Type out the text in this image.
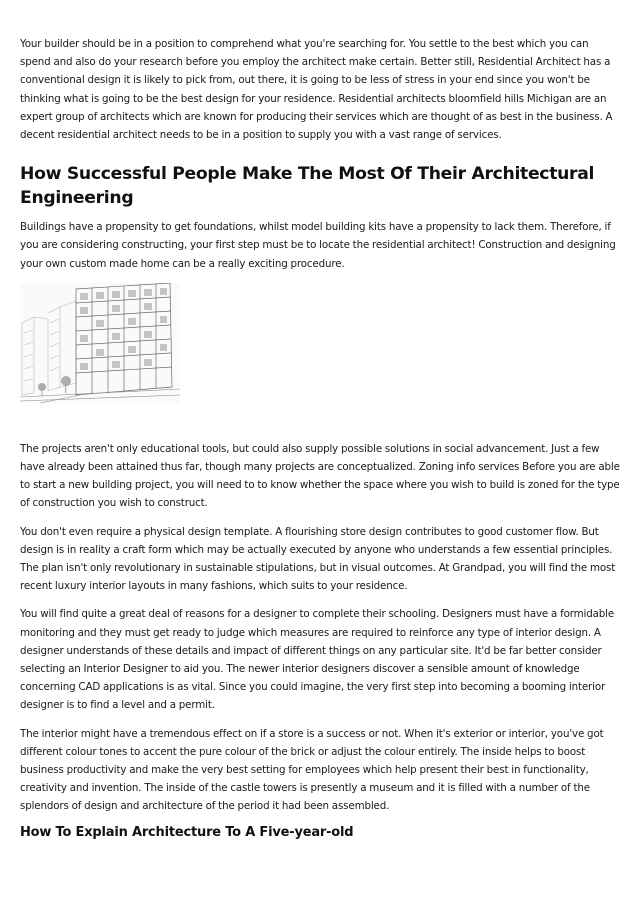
Your builder should be in a position to comprehend what you're searching for. You settle to the best which you can spend and also do your research before you employ the architect make certain. Better still, Residential Architect has a conventional design it is likely to pick from, out there, it is going to be less of stress in your end since you won't be thinking what is going to be the best design for your residence. Residential architects bloomfield hills Michigan are an expert group of architects which are known for producing their services which are thought of as best in the business. A decent residential architect needs to be in a position to supply you with a vast range of services.

How Successful People Make The Most Of Their Architectural Engineering

Buildings have a propensity to get foundations, whilst model building kits have a propensity to lack them. Therefore, if you are considering constructing, your first step must be to locate the residential architect! Construction and designing your own custom made home can be a really exciting procedure.

The projects aren't only educational tools, but could also supply possible solutions in social advancement. Just a few have already been attained thus far, though many projects are conceptualized. Zoning info services Before you are able to start a new building project, you will need to to know whether the space where you wish to build is zoned for the type of construction you wish to construct.

You don't even require a physical design template. A flourishing store design contributes to good customer flow. But design is in reality a craft form which may be actually executed by anyone who understands a few essential principles. The plan isn't only revolutionary in sustainable stipulations, but in visual outcomes. At Grandpad, you will find the most recent luxury interior layouts in many fashions, which suits to your residence.

You will find quite a great deal of reasons for a designer to complete their schooling. Designers must have a formidable monitoring and they must get ready to judge which measures are required to reinforce any type of interior design. A designer understands of these details and impact of different things on any particular site. It'd be far better consider selecting an Interior Designer to aid you. The newer interior designers discover a sensible amount of knowledge concerning CAD applications is as vital. Since you could imagine, the very first step into becoming a booming interior designer is to find a level and a permit.

The interior might have a tremendous effect on if a store is a success or not. When it's exterior or interior, you've got different colour tones to accent the pure colour of the brick or adjust the colour entirely. The inside helps to boost business productivity and make the very best setting for employees which help present their best in functionality, creativity and invention. The inside of the castle towers is presently a museum and it is filled with a number of the splendors of design and architecture of the period it had been assembled.

How To Explain Architecture To A Five-year-old
